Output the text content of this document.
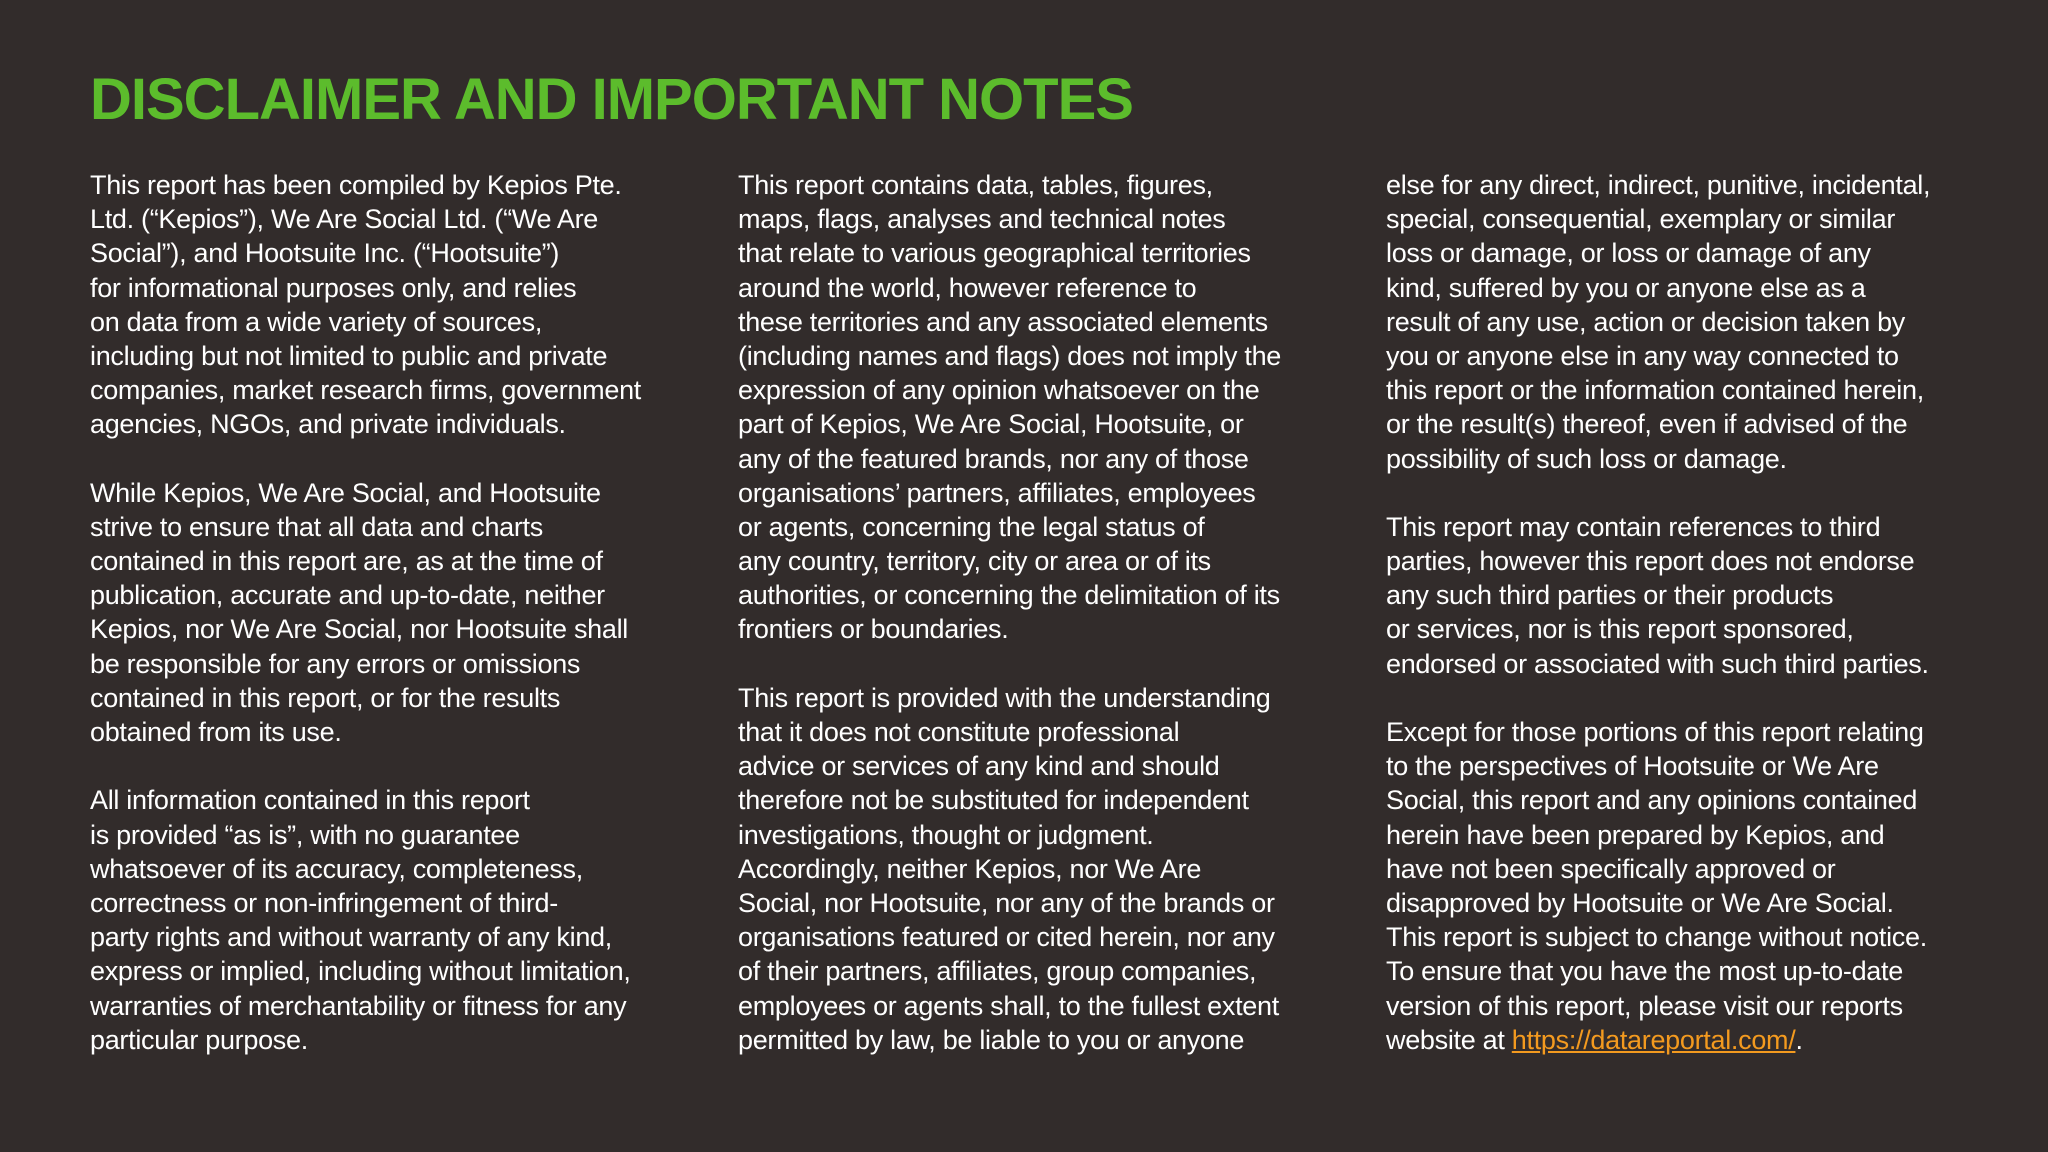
DISCLAIMER AND IMPORTANT NOTES
This report has been compiled by Kepios Pte.
Ltd. (“Kepios”), We Are Social Ltd. (“We Are
Social”), and Hootsuite Inc. (“Hootsuite”)
for informational purposes only, and relies
on data from a wide variety of sources,
including but not limited to public and private
companies, market research firms, government
agencies, NGOs, and private individuals.
While Kepios, We Are Social, and Hootsuite
strive to ensure that all data and charts
contained in this report are, as at the time of
publication, accurate and up-to-date, neither
Kepios, nor We Are Social, nor Hootsuite shall
be responsible for any errors or omissions
contained in this report, or for the results
obtained from its use.
All information contained in this report
is provided “as is”, with no guarantee
whatsoever of its accuracy, completeness,
correctness or non-infringement of third-
party rights and without warranty of any kind,
express or implied, including without limitation,
warranties of merchantability or fitness for any
particular purpose.
This report contains data, tables, figures,
maps, flags, analyses and technical notes
that relate to various geographical territories
around the world, however reference to
these territories and any associated elements
(including names and flags) does not imply the
expression of any opinion whatsoever on the
part of Kepios, We Are Social, Hootsuite, or
any of the featured brands, nor any of those
organisations’ partners, affiliates, employees
or agents, concerning the legal status of
any country, territory, city or area or of its
authorities, or concerning the delimitation of its
frontiers or boundaries.
This report is provided with the understanding
that it does not constitute professional
advice or services of any kind and should
therefore not be substituted for independent
investigations, thought or judgment.
Accordingly, neither Kepios, nor We Are
Social, nor Hootsuite, nor any of the brands or
organisations featured or cited herein, nor any
of their partners, affiliates, group companies,
employees or agents shall, to the fullest extent
permitted by law, be liable to you or anyone
else for any direct, indirect, punitive, incidental,
special, consequential, exemplary or similar
loss or damage, or loss or damage of any
kind, suffered by you or anyone else as a
result of any use, action or decision taken by
you or anyone else in any way connected to
this report or the information contained herein,
or the result(s) thereof, even if advised of the
possibility of such loss or damage.
This report may contain references to third
parties, however this report does not endorse
any such third parties or their products
or services, nor is this report sponsored,
endorsed or associated with such third parties.
Except for those portions of this report relating
to the perspectives of Hootsuite or We Are
Social, this report and any opinions contained
herein have been prepared by Kepios, and
have not been specifically approved or
disapproved by Hootsuite or We Are Social.
This report is subject to change without notice.
To ensure that you have the most up-to-date
version of this report, please visit our reports
website at https://datareportal.com/.
